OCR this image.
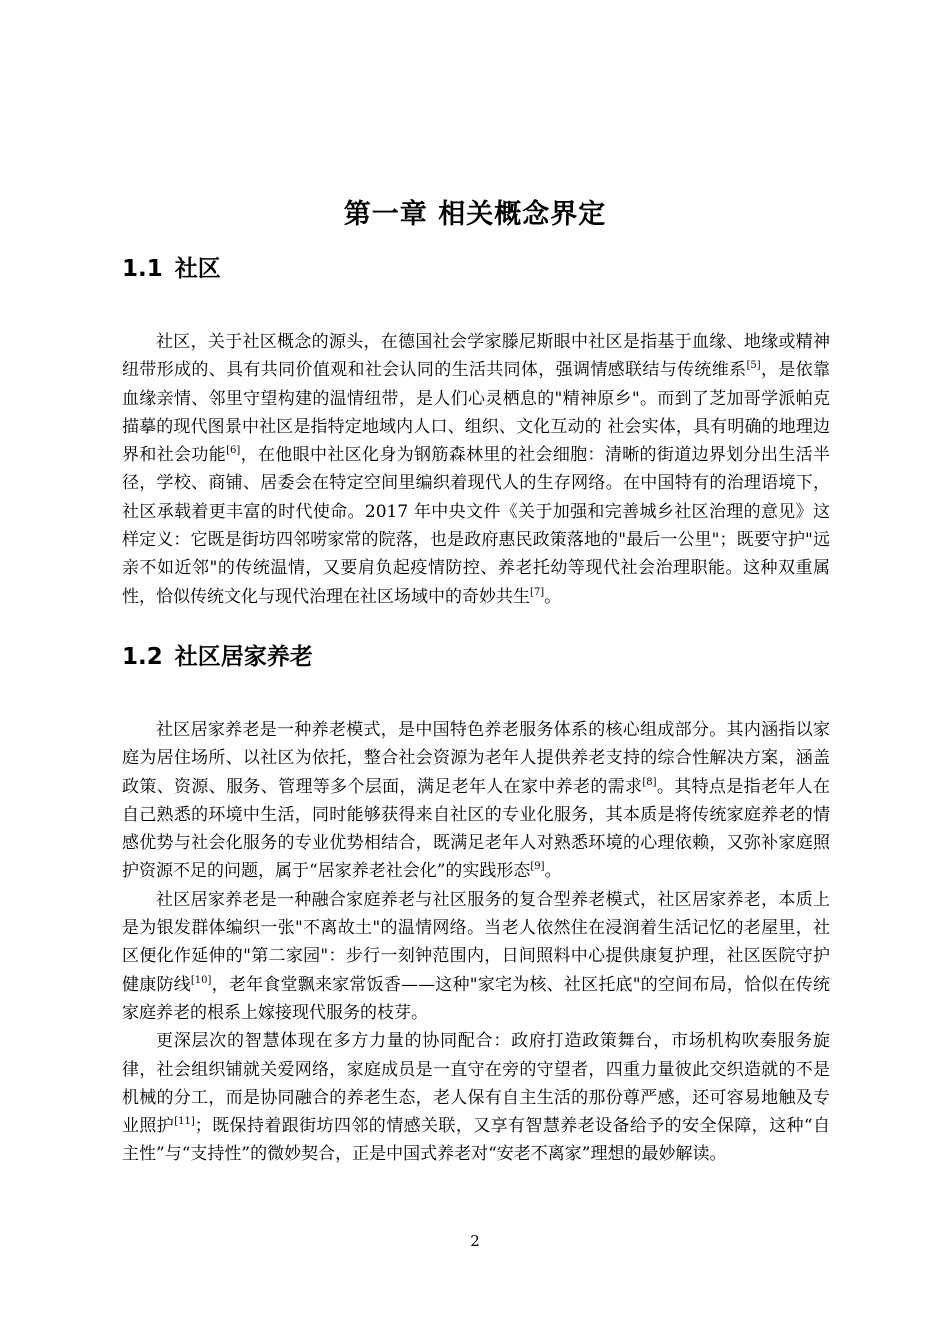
第一章 相关概念界定
1.1 社区

社区，关于社区概念的源头，在德国社会学家滕尼斯眼中社区是指基于血缘、地缘或精神纽带形成的、具有共同价值观和社会认同的生活共同体，强调情感联结与传统维系[5]，是依靠血缘亲情、邻里守望构建的温情纽带，是人们心灵栖息的"精神原乡"。而到了芝加哥学派帕克描摹的现代图景中社区是指特定地域内人口、组织、文化互动的 社会实体，具有明确的地理边界和社会功能[6]，在他眼中社区化身为钢筋森林里的社会细胞：清晰的街道边界划分出生活半径，学校、商铺、居委会在特定空间里编织着现代人的生存网络。在中国特有的治理语境下，社区承载着更丰富的时代使命。2017 年中央文件《关于加强和完善城乡社区治理的意见》这样定义：它既是街坊四邻唠家常的院落，也是政府惠民政策落地的"最后一公里"；既要守护"远亲不如近邻"的传统温情，又要肩负起疫情防控、养老托幼等现代社会治理职能。这种双重属性，恰似传统文化与现代治理在社区场域中的奇妙共生[7]。

1.2 社区居家养老

社区居家养老是一种养老模式，是中国特色养老服务体系的核心组成部分。其内涵指以家庭为居住场所、以社区为依托，整合社会资源为老年人提供养老支持的综合性解决方案，涵盖政策、资源、服务、管理等多个层面，满足老年人在家中养老的需求[8]。其特点是指老年人在自己熟悉的环境中生活，同时能够获得来自社区的专业化服务，其本质是将传统家庭养老的情感优势与社会化服务的专业优势相结合，既满足老年人对熟悉环境的心理依赖，又弥补家庭照护资源不足的问题，属于“居家养老社会化”的实践形态[9]。

社区居家养老是一种融合家庭养老与社区服务的复合型养老模式，社区居家养老，本质上是为银发群体编织一张"不离故土"的温情网络。当老人依然住在浸润着生活记忆的老屋里，社区便化作延伸的"第二家园"：步行一刻钟范围内，日间照料中心提供康复护理，社区医院守护健康防线[10]，老年食堂飘来家常饭香——这种"家宅为核、社区托底"的空间布局，恰似在传统家庭养老的根系上嫁接现代服务的枝芽。

更深层次的智慧体现在多方力量的协同配合：政府打造政策舞台，市场机构吹奏服务旋律，社会组织铺就关爱网络，家庭成员是一直守在旁的守望者，四重力量彼此交织造就的不是机械的分工，而是协同融合的养老生态，老人保有自主生活的那份尊严感，还可容易地触及专业照护[11]；既保持着跟街坊四邻的情感关联，又享有智慧养老设备给予的安全保障，这种“自主性”与“支持性”的微妙契合，正是中国式养老对“安老不离家”理想的最妙解读。

2
